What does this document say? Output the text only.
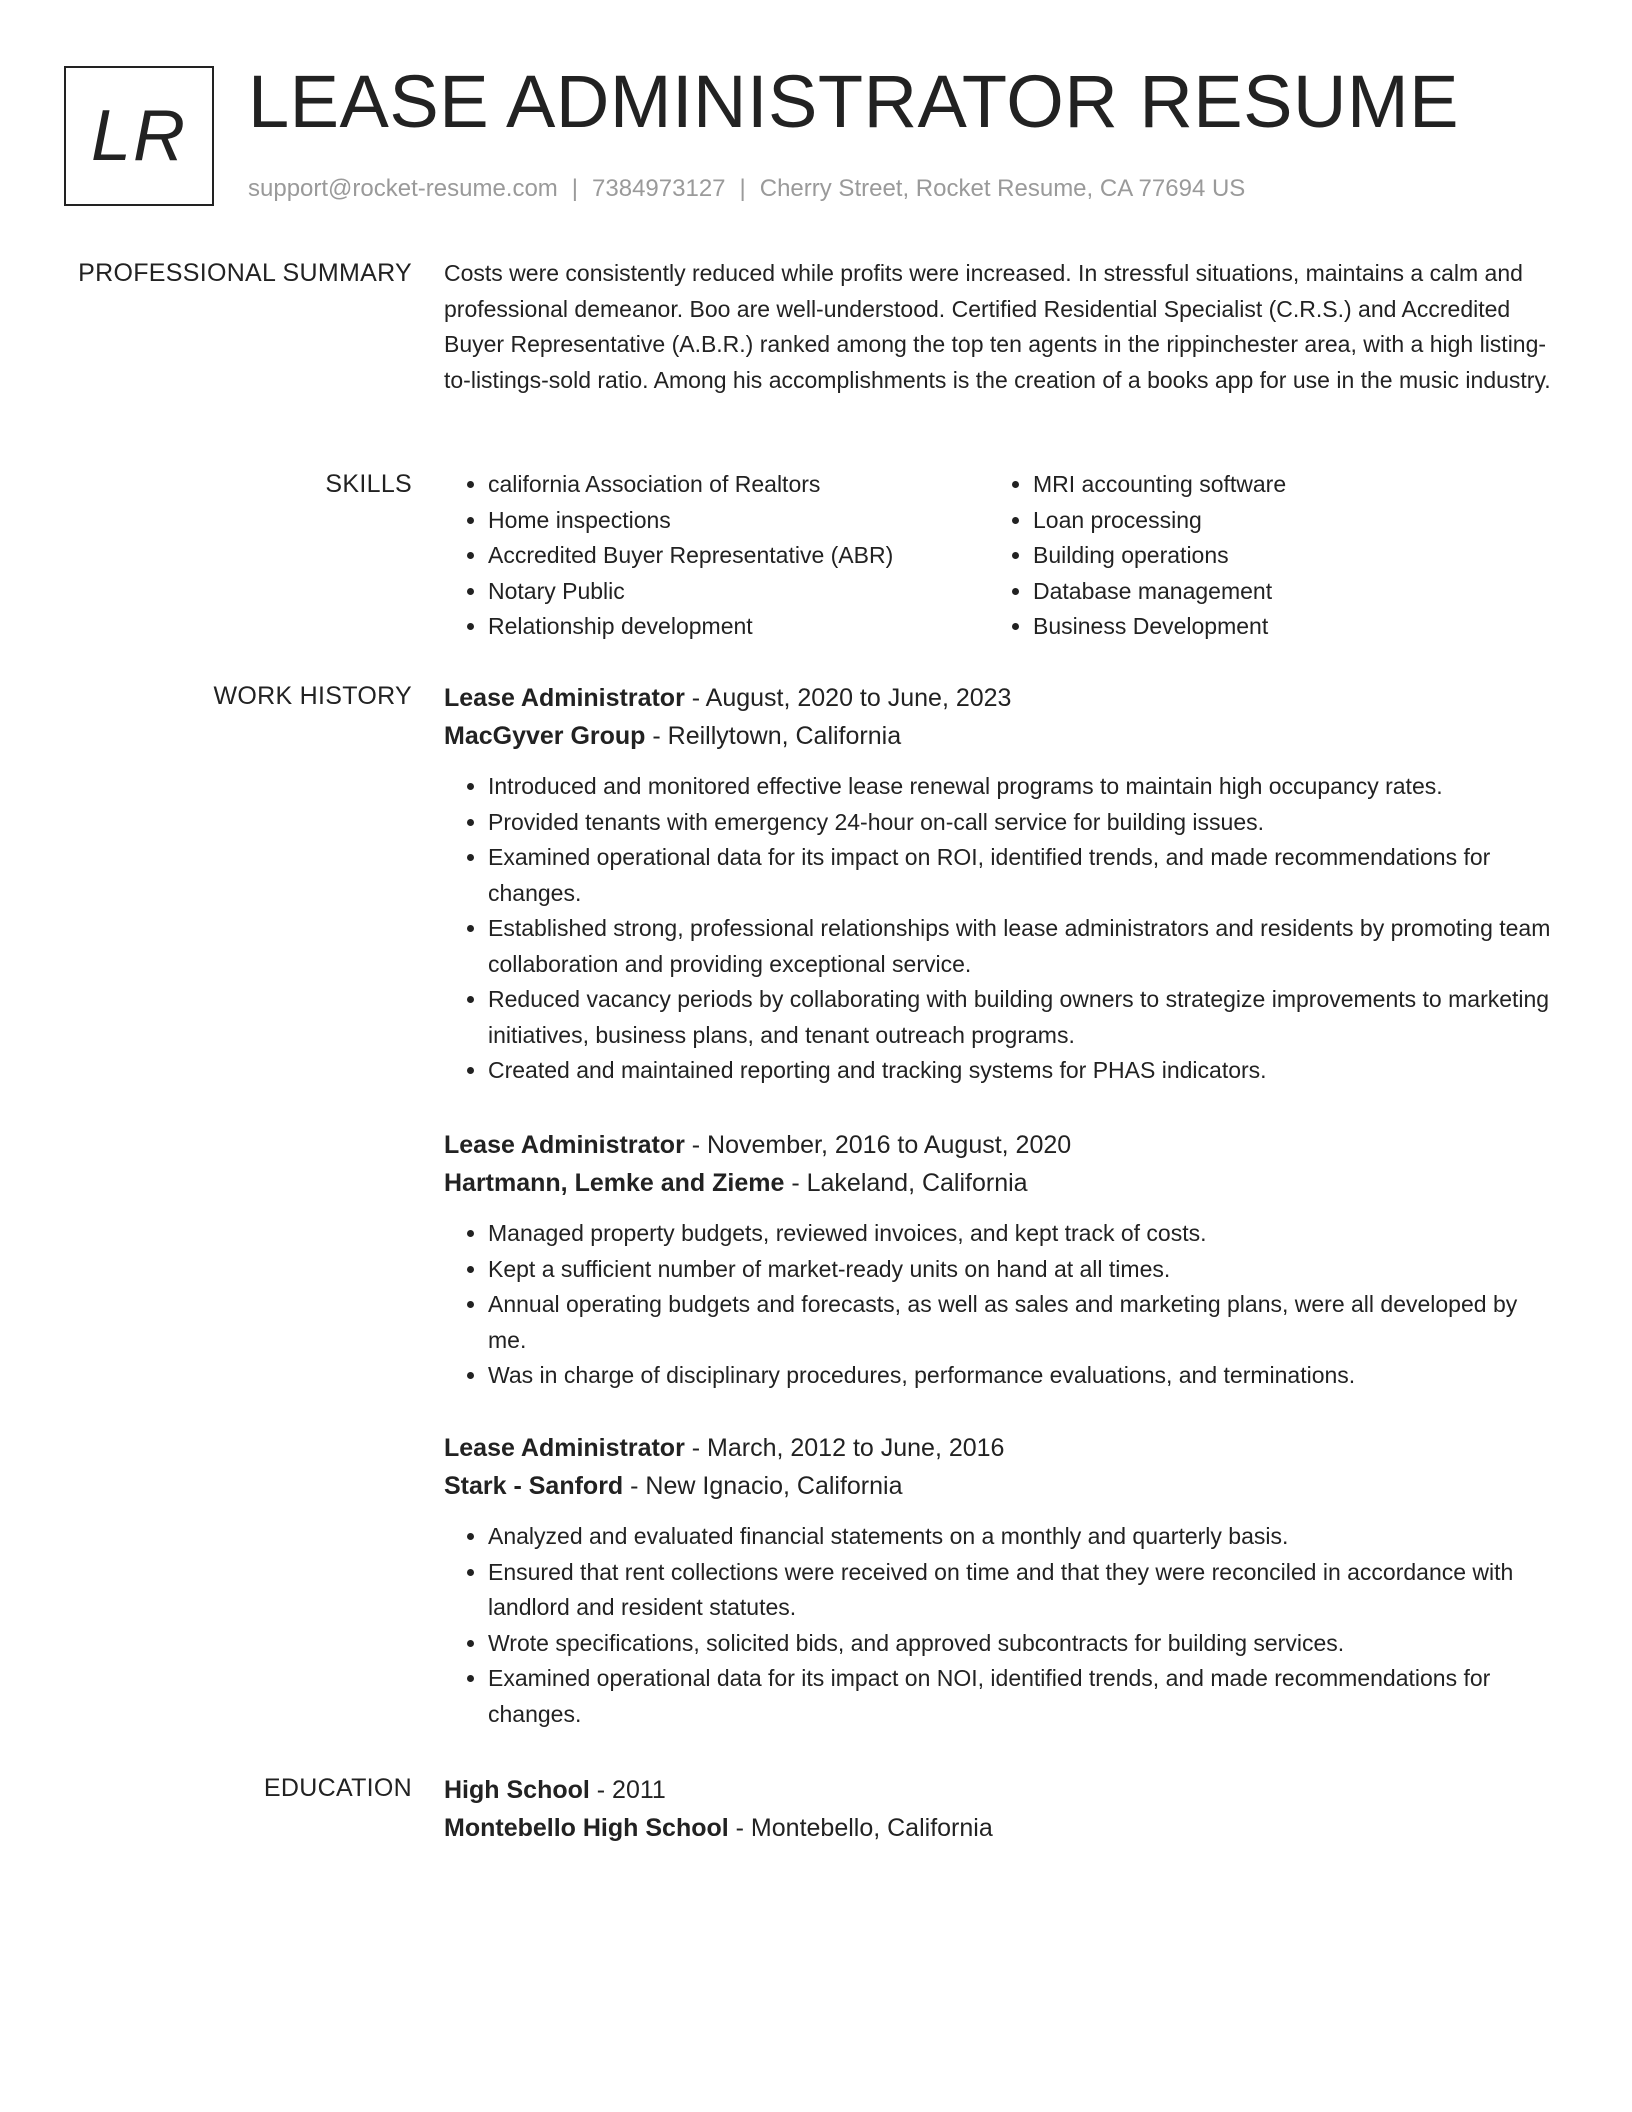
LR LEASE ADMINISTRATOR RESUME
support@rocket-resume.com | 7384973127 | Cherry Street, Rocket Resume, CA 77694 US
PROFESSIONAL SUMMARY Costs were consistently reduced while profits were increased. In stressful situations, maintains a calm and professional demeanor. Boo are well-understood. Certified Residential Specialist (C.R.S.) and Accredited Buyer Representative (A.B.R.) ranked among the top ten agents in the rippinchester area, with a high listing-to-listings-sold ratio. Among his accomplishments is the creation of a books app for use in the music industry.

SKILLS
•	california Association of Realtors
• Home inspections
• Accredited Buyer Representative (ABR)
• Notary Public
• Relationship development
• MRI accounting software
• Loan processing
• Building operations
• Database management
• Business Development
WORK HISTORY Lease Administrator - August, 2020 to June, 2023
MacGyver Group - Reillytown, California
• Introduced and monitored effective lease renewal programs to maintain high occupancy rates.
• Provided tenants with emergency 24-hour on-call service for building issues.
• Examined operational data for its impact on ROI, identified trends, and made recommendations for changes.
• Established strong, professional relationships with lease administrators and residents by promoting team collaboration and providing exceptional service.
• Reduced vacancy periods by collaborating with building owners to strategize improvements to marketing initiatives, business plans, and tenant outreach programs.
• Created and maintained reporting and tracking systems for PHAS indicators.
Lease Administrator - November, 2016 to August, 2020
Hartmann, Lemke and Zieme - Lakeland, California
• Managed property budgets, reviewed invoices, and kept track of costs.
• Kept a sufficient number of market-ready units on hand at all times.
• Annual operating budgets and forecasts, as well as sales and marketing plans, were all developed by me.
• Was in charge of disciplinary procedures, performance evaluations, and terminations.
Lease Administrator - March, 2012 to June, 2016
Stark - Sanford - New Ignacio, California
• Analyzed and evaluated financial statements on a monthly and quarterly basis.
• Ensured that rent collections were received on time and that they were reconciled in accordance with landlord and resident statutes.
• Wrote specifications, solicited bids, and approved subcontracts for building services.
• Examined operational data for its impact on NOI, identified trends, and made recommendations for changes.
EDUCATION High School - 2011
Montebello High School - Montebello, California
